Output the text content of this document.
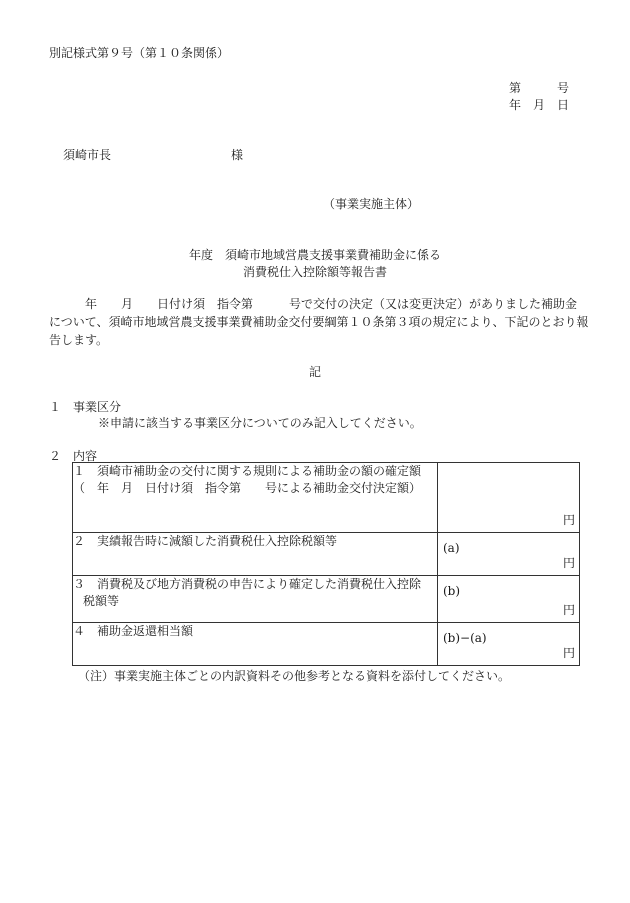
別記様式第９号（第１０条関係）
第　　　号
年　月　日
須崎市長　　　　　　　　　　様
（事業実施主体）
年度　須崎市地域営農支援事業費補助金に係る
消費税仕入控除額等報告書
年　　月　　日付け須　指令第　　　号で交付の決定（又は変更決定）がありました補助金について、須崎市地域営農支援事業費補助金交付要綱第１０条第３項の規定により、下記のとおり報告します。
記
１　事業区分
※申請に該当する事業区分についてのみ記入してください。
２　内容
１　須崎市補助金の交付に関する規則による補助金の額の確定額
（　年　月　日付け須　指令第　　号による補助金交付決定額）	円

２　実績報告時に減額した消費税仕入控除税額等	(a)
円

３　消費税及び地方消費税の申告により確定した消費税仕入控除

税額等	(b)
円

４　補助金返還相当額	(b)−(a)
円
（注）事業実施主体ごとの内訳資料その他参考となる資料を添付してください。
